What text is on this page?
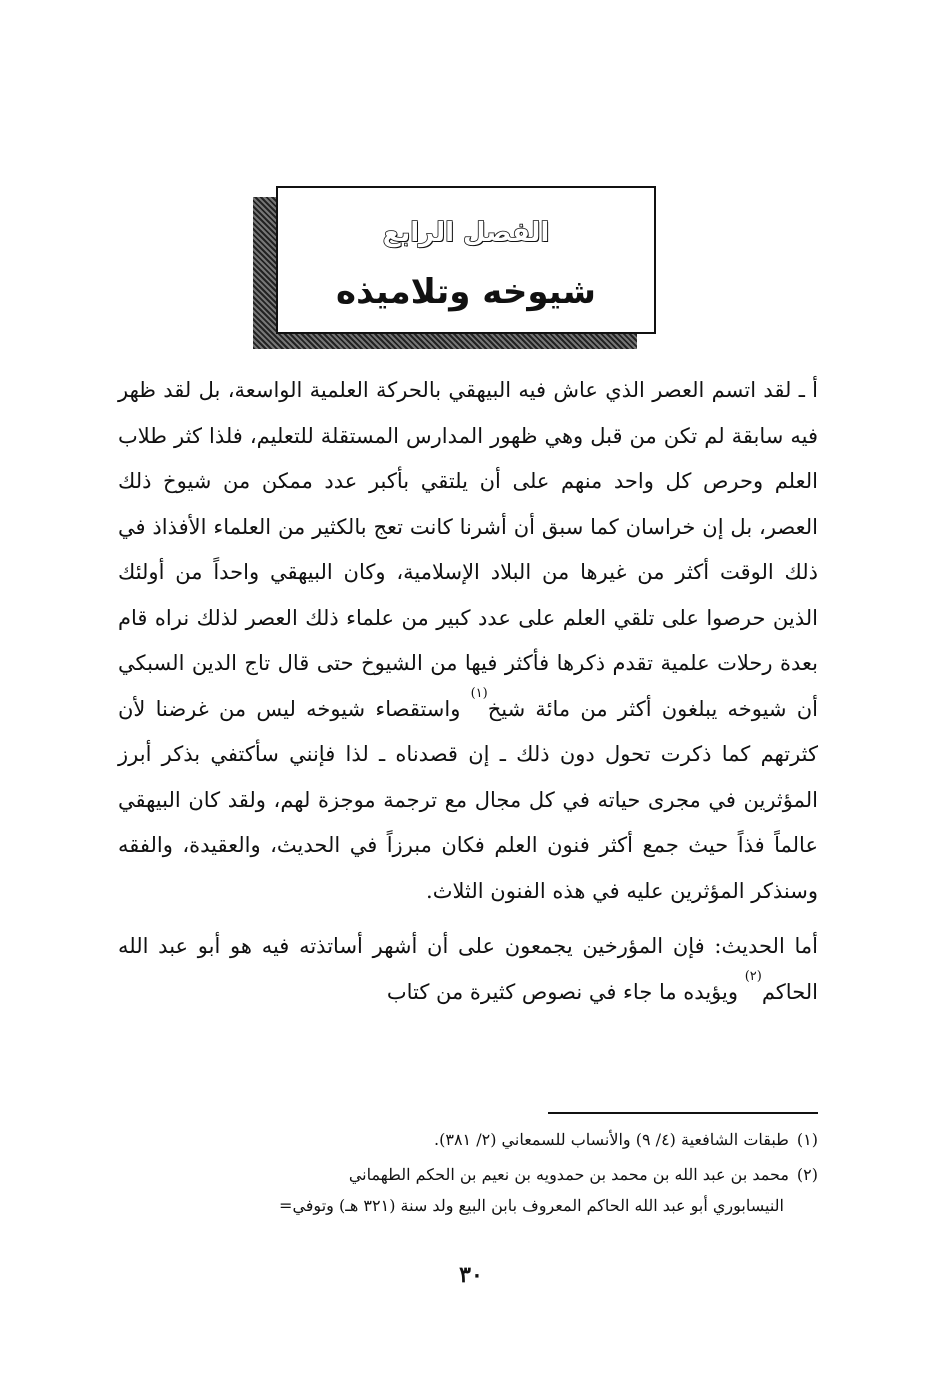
الفصل الرابع
شيوخه وتلاميذه

أ ـ لقد اتسم العصر الذي عاش فيه البيهقي بالحركة العلمية الواسعة، بل لقد ظهر فيه سابقة لم تكن من قبل وهي ظهور المدارس المستقلة للتعليم، فلذا كثر طلاب العلم وحرص كل واحد منهم على أن يلتقي بأكبر عدد ممكن من شيوخ ذلك العصر، بل إن خراسان كما سبق أن أشرنا كانت تعج بالكثير من العلماء الأفذاذ في ذلك الوقت أكثر من غيرها من البلاد الإسلامية، وكان البيهقي واحداً من أولئك الذين حرصوا على تلقي العلم على عدد كبير من علماء ذلك العصر لذلك نراه قام بعدة رحلات علمية تقدم ذكرها فأكثر فيها من الشيوخ حتى قال تاج الدين السبكي أن شيوخه يبلغون أكثر من مائة شيخ$^{(١)}$ واستقصاء شيوخه ليس من غرضنا لأن كثرتهم كما ذكرت تحول دون ذلك ـ إن قصدناه ـ لذا فإنني سأكتفي بذكر أبرز المؤثرين في مجرى حياته في كل مجال مع ترجمة موجزة لهم، ولقد كان البيهقي عالماً فذاً حيث جمع أكثر فنون العلم فكان مبرزاً في الحديث، والعقيدة، والفقه وسنذكر المؤثرين عليه في هذه الفنون الثلاث.

أما الحديث: فإن المؤرخين يجمعون على أن أشهر أساتذته فيه هو أبو عبد الله الحاكم$^{(٢)}$ ويؤيده ما جاء في نصوص كثيرة من كتاب

(١)طبقات الشافعية (٤/ ٩) والأنساب للسمعاني (٢/ ٣٨١).
(٢)محمد بن عبد الله بن محمد بن حمدويه بن نعيم بن الحكم الطهماني
النيسابوري أبو عبد الله الحاكم المعروف بابن البيع ولد سنة (٣٢١ هـ) وتوفي=
٣٠
